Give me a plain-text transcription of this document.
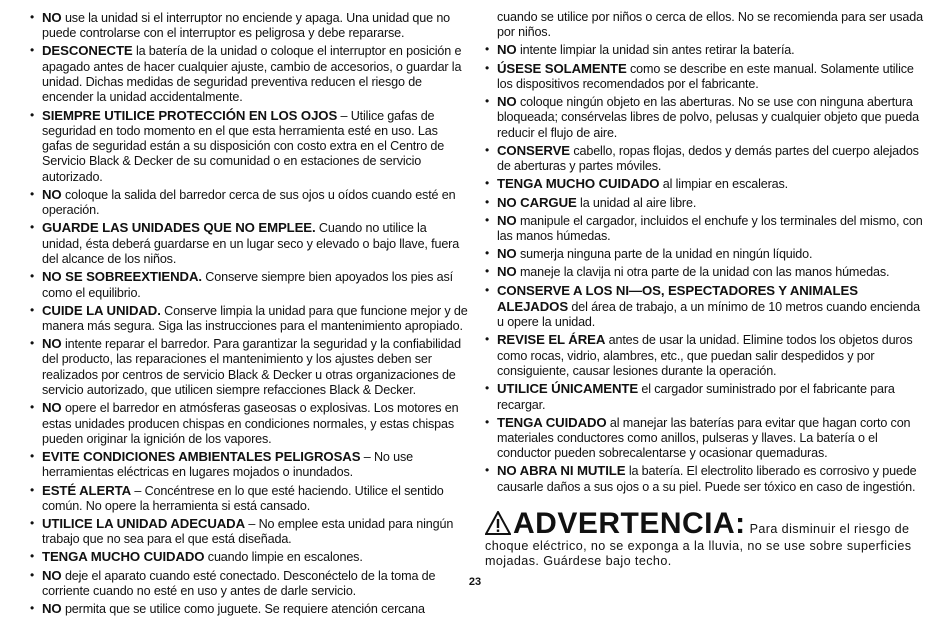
• NO use la unidad si el interruptor no enciende y apaga. Una unidad que no puede controlarse con el interruptor es peligrosa y debe repararse.
• DESCONECTE la batería de la unidad o coloque el interruptor en posición e apagado antes de hacer cualquier ajuste, cambio de accesorios, o guardar la unidad. Dichas medidas de seguridad preventiva reducen el riesgo de encender la unidad accidentalmente.
• SIEMPRE UTILICE PROTECCIÓN EN LOS OJOS – Utilice gafas de seguridad en todo momento en el que esta herramienta esté en uso. Las gafas de seguridad están a su disposición con costo extra en el Centro de Servicio Black & Decker de su comunidad o en estaciones de servicio autorizado.
• NO coloque la salida del barredor cerca de sus ojos u oídos cuando esté en operación.
• GUARDE LAS UNIDADES QUE NO EMPLEE. Cuando no utilice la unidad, ésta deberá guardarse en un lugar seco y elevado o bajo llave, fuera del alcance de los niños.
• NO SE SOBREEXTIENDA. Conserve siempre bien apoyados los pies así como el equilibrio.
• CUIDE LA UNIDAD. Conserve limpia la unidad para que funcione mejor y de manera más segura. Siga las instrucciones para el mantenimiento apropiado.
• NO intente reparar el barredor. Para garantizar la seguridad y la confiabilidad del producto, las reparaciones el mantenimiento y los ajustes deben ser realizados por centros de servicio Black & Decker u otras organizaciones de servicio autorizado, que utilicen siempre refacciones Black & Decker.
• NO opere el barredor en atmósferas gaseosas o explosivas. Los motores en estas unidades producen chispas en condiciones normales, y estas chispas pueden originar la ignición de los vapores.
• EVITE CONDICIONES AMBIENTALES PELIGROSAS – No use herramientas eléctricas en lugares mojados o inundados.
• ESTÉ ALERTA – Concéntrese en lo que esté haciendo. Utilice el sentido común. No opere la herramienta si está cansado.
• UTILICE LA UNIDAD ADECUADA – No emplee esta unidad para ningún trabajo que no sea para el que está diseñada.
• TENGA MUCHO CUIDADO cuando limpie en escalones.
• NO deje el aparato cuando esté conectado. Desconéctelo de la toma de corriente cuando no esté en uso y antes de darle servicio.
• NO permita que se utilice como juguete. Se requiere atención cercana
cuando se utilice por niños o cerca de ellos. No se recomienda para ser usada por niños.
• NO intente limpiar la unidad sin antes retirar la batería.
• ÚSESE SOLAMENTE como se describe en este manual. Solamente utilice los dispositivos recomendados por el fabricante.
• NO coloque ningún objeto en las aberturas. No se use con ninguna abertura bloqueada; consérvelas libres de polvo, pelusas y cualquier objeto que pueda reducir el flujo de aire.
• CONSERVE cabello, ropas flojas, dedos y demás partes del cuerpo alejados de aberturas y partes móviles.
• TENGA MUCHO CUIDADO al limpiar en escaleras.
• NO CARGUE la unidad al aire libre.
• NO manipule el cargador, incluidos el enchufe y los terminales del mismo, con las manos húmedas.
• NO sumerja ninguna parte de la unidad en ningún líquido.
• NO maneje la clavija ni otra parte de la unidad con las manos húmedas.
• CONSERVE A LOS NI—OS, ESPECTADORES Y ANIMALES ALEJADOS del área de trabajo, a un mínimo de 10 metros cuando encienda u opere la unidad.
• REVISE EL ÁREA antes de usar la unidad. Elimine todos los objetos duros como rocas, vidrio, alambres, etc., que puedan salir despedidos y por consiguiente, causar lesiones durante la operación.
• UTILICE ÚNICAMENTE el cargador suministrado por el fabricante para recargar.
• TENGA CUIDADO al manejar las baterías para evitar que hagan corto con materiales conductores como anillos, pulseras y llaves. La batería o el conductor pueden sobrecalentarse y ocasionar quemaduras.
• NO ABRA NI MUTILE la batería. El electrolito liberado es corrosivo y puede causarle daños a sus ojos o a su piel. Puede ser tóxico en caso de ingestión.
ADVERTENCIA: Para disminuir el riesgo de
choque eléctrico, no se exponga a la lluvia, no se use sobre superficies mojadas. Guárdese bajo techo.
23
